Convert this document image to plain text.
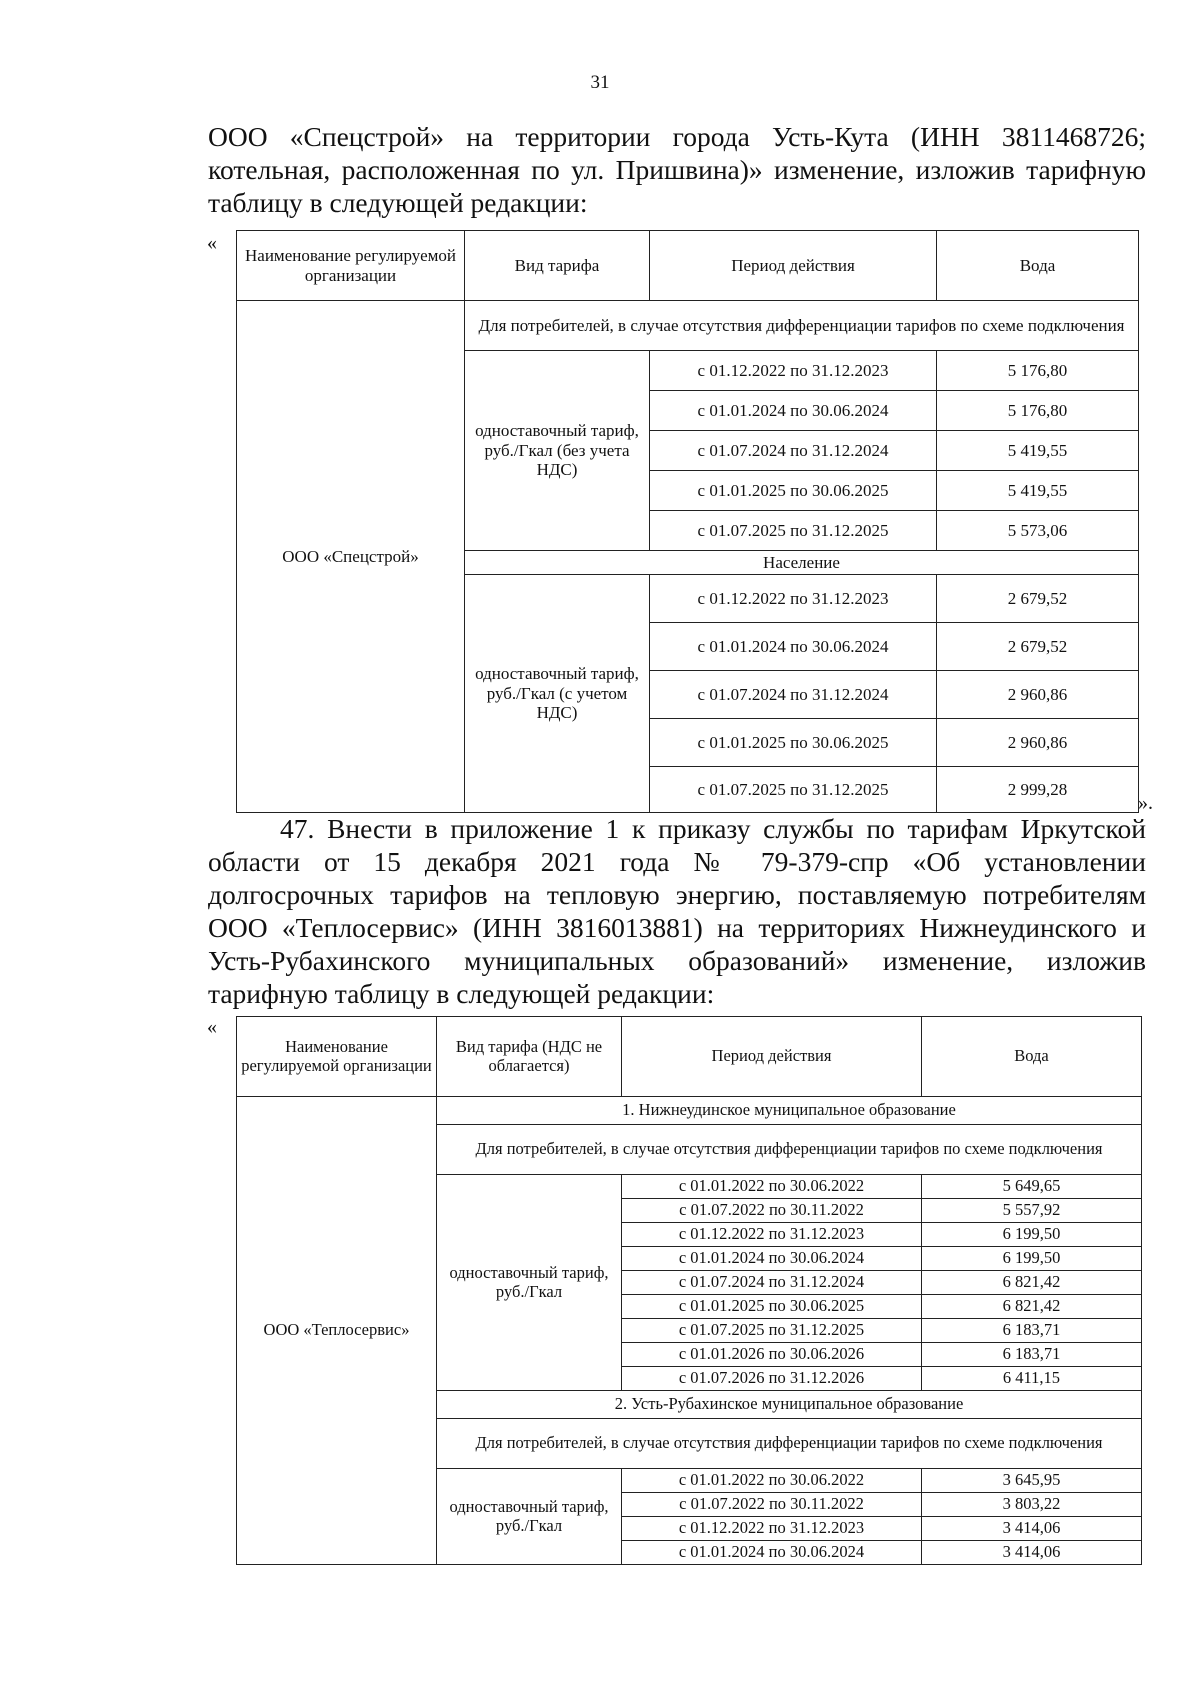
31

ООО «Спецстрой» на территории города Усть-Кута (ИНН 3811468726; котельная, расположенная по ул. Пришвина)» изменение, изложив тарифную таблицу в следующей редакции:

«
Наименование регулируемой организации	Вид тарифа	Период действия	Вода
ООО «Спецстрой»	Для потребителей, в случае отсутствия дифференциации тарифов по схеме подключения		
	одноставочный тариф, руб./Гкал (без учета НДС)	с 01.12.2022 по 31.12.2023	5 176,80
		с 01.01.2024 по 30.06.2024	5 176,80
		с 01.07.2024 по 31.12.2024	5 419,55
		с 01.01.2025 по 30.06.2025	5 419,55
		с 01.07.2025 по 31.12.2025	5 573,06
	Население		
	одноставочный тариф, руб./Гкал (с учетом НДС)	с 01.12.2022 по 31.12.2023	2 679,52
		с 01.01.2024 по 30.06.2024	2 679,52
		с 01.07.2024 по 31.12.2024	2 960,86
		с 01.01.2025 по 30.06.2025	2 960,86
		с 01.07.2025 по 31.12.2025	2 999,28
».

47. Внести в приложение 1 к приказу службы по тарифам Иркутской области от 15 декабря 2021 года № 79-379-спр «Об установлении долгосрочных тарифов на тепловую энергию, поставляемую потребителям ООО «Теплосервис» (ИНН 3816013881) на территориях Нижнеудинского и Усть-Рубахинского муниципальных образований» изменение, изложив тарифную таблицу в следующей редакции:

«
Наименование регулируемой организации	Вид тарифа (НДС не облагается)	Период действия	Вода
ООО «Теплосервис»	1. Нижнеудинское муниципальное образование		
	Для потребителей, в случае отсутствия дифференциации тарифов по схеме подключения		
	одноставочный тариф, руб./Гкал	с 01.01.2022 по 30.06.2022	5 649,65
		с 01.07.2022 по 30.11.2022	5 557,92
		с 01.12.2022 по 31.12.2023	6 199,50
		с 01.01.2024 по 30.06.2024	6 199,50
		с 01.07.2024 по 31.12.2024	6 821,42
		с 01.01.2025 по 30.06.2025	6 821,42
		с 01.07.2025 по 31.12.2025	6 183,71
		с 01.01.2026 по 30.06.2026	6 183,71
		с 01.07.2026 по 31.12.2026	6 411,15
	2. Усть-Рубахинское муниципальное образование		
	Для потребителей, в случае отсутствия дифференциации тарифов по схеме подключения		
	одноставочный тариф, руб./Гкал	с 01.01.2022 по 30.06.2022	3 645,95
		с 01.07.2022 по 30.11.2022	3 803,22
		с 01.12.2022 по 31.12.2023	3 414,06
		с 01.01.2024 по 30.06.2024	3 414,06
